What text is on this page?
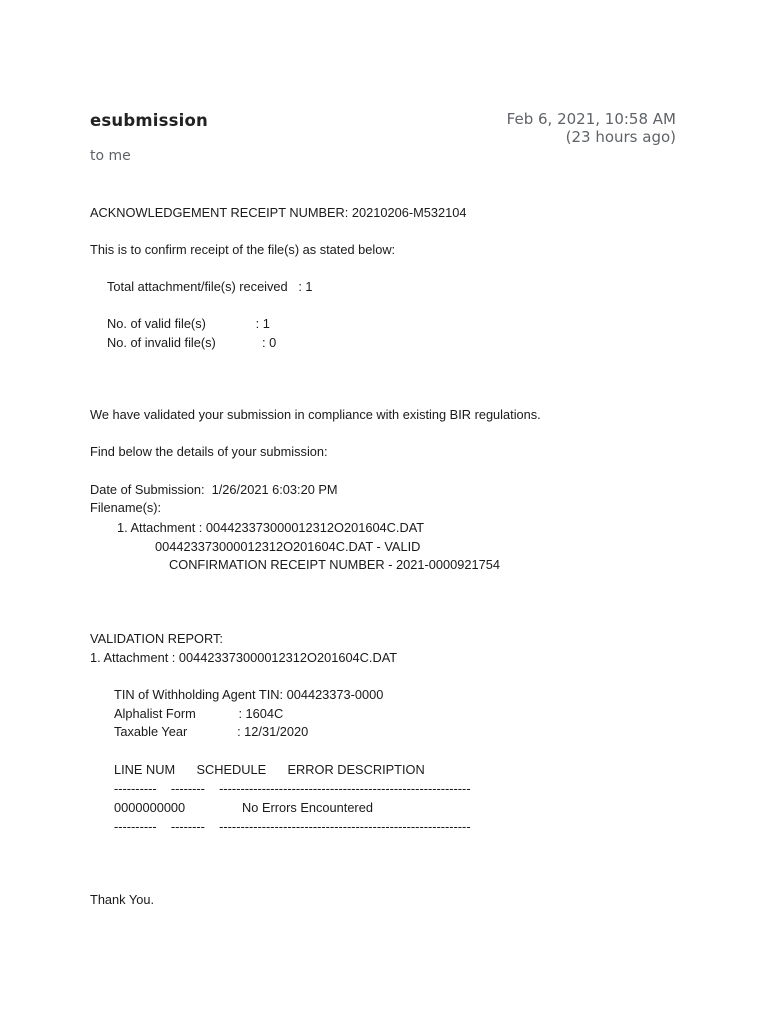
esubmission	Feb 6, 2021, 10:58 AM
(23 hours ago)
to me
ACKNOWLEDGEMENT RECEIPT NUMBER: 20210206-M532104
This is to confirm receipt of the file(s) as stated below:
Total attachment/file(s) received   : 1
No. of valid file(s)              : 1
No. of invalid file(s)             : 0
We have validated your submission in compliance with existing BIR regulations.
Find below the details of your submission:
Date of Submission:  1/26/2021 6:03:20 PM
Filename(s):
1. Attachment : 004423373000012312O201604C.DAT
004423373000012312O201604C.DAT - VALID
CONFIRMATION RECEIPT NUMBER - 2021-0000921754
VALIDATION REPORT:
1. Attachment : 004423373000012312O201604C.DAT
TIN of Withholding Agent TIN: 004423373-0000
Alphalist Form            : 1604C
Taxable Year              : 12/31/2020
LINE NUM      SCHEDULE      ERROR DESCRIPTION
----------    --------    -----------------------------------------------------------
0000000000                No Errors Encountered
----------    --------    -----------------------------------------------------------
Thank You.
